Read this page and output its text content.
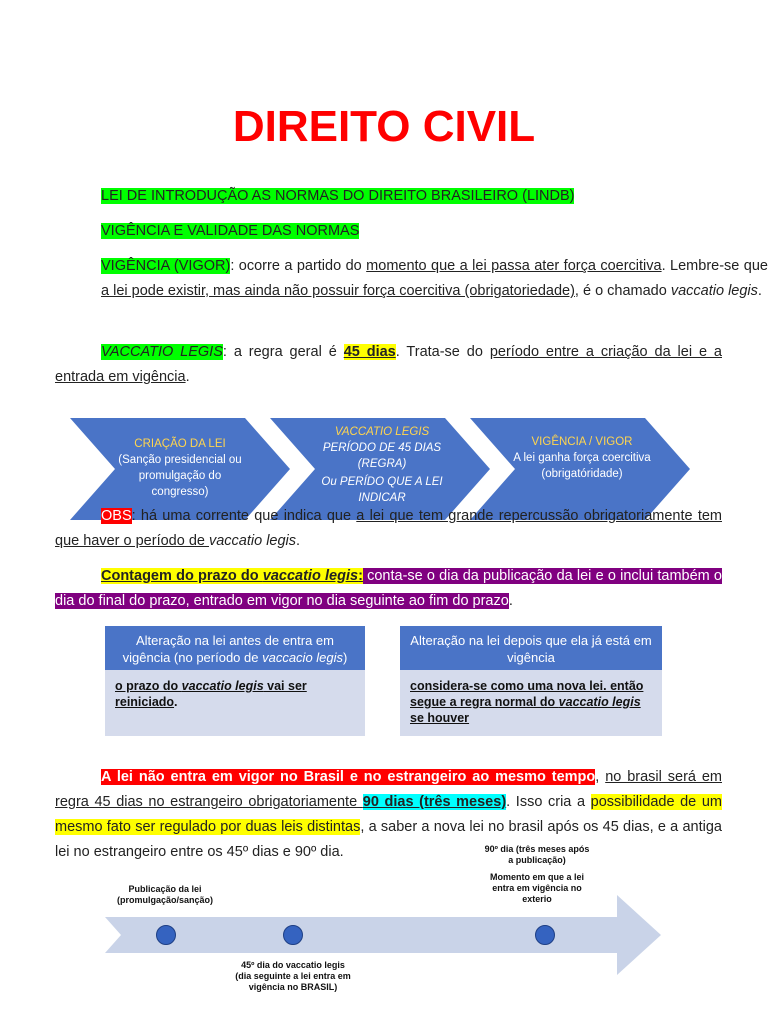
DIREITO CIVIL
LEI DE INTRODUÇÃO AS NORMAS DO DIREITO BRASILEIRO (LINDB)
VIGÊNCIA E VALIDADE DAS NORMAS
VIGÊNCIA (VIGOR): ocorre a partido do momento que a lei passa ater força coercitiva. Lembre-se que a lei pode existir, mas ainda não possuir força coercitiva (obrigatoriedade), é o chamado vaccatio legis.
VACCATIO LEGIS: a regra geral é 45 dias. Trata-se do período entre a criação da lei e a entrada em vigência.
CRIAÇÃO DA LEI
(Sanção presidencial ou promulgação do congresso)
VACCATIO LEGIS
PERÍODO DE 45 DIAS (REGRA)
Ou PERÍDO QUE A LEI INDICAR
VIGÊNCIA / VIGOR
A lei ganha força coercitiva (obrigatóridade)
OBS: há uma corrente que indica que a lei que tem grande repercussão obrigatoriamente tem que haver o período de vaccatio legis.
Contagem do prazo do vaccatio legis: conta-se o dia da publicação da lei e o inclui também o dia do final do prazo, entrado em vigor no dia seguinte ao fim do prazo.
Alteração na lei antes de entra em vigência (no período de vaccacio legis)
o prazo do vaccatio legis vai ser reiniciado.
Alteração na lei depois que ela já está em vigência
considera-se como uma nova lei. então segue a regra normal do vaccatio legis se houver
A lei não entra em vigor no Brasil e no estrangeiro ao mesmo tempo, no brasil será em regra 45 dias no estrangeiro obrigatoriamente 90 dias (três meses). Isso cria a possibilidade de um mesmo fato ser regulado por duas leis distintas, a saber a nova lei no brasil após os 45 dias, e a antiga lei no estrangeiro entre os 45º dias e 90º dia.
Publicação da lei (promulgação/sanção)
45º dia do vaccatio legis (dia seguinte a lei entra em vigência no BRASIL)
90º dia (três meses após a publicação)
Momento em que a lei entra em vigência no exterio
